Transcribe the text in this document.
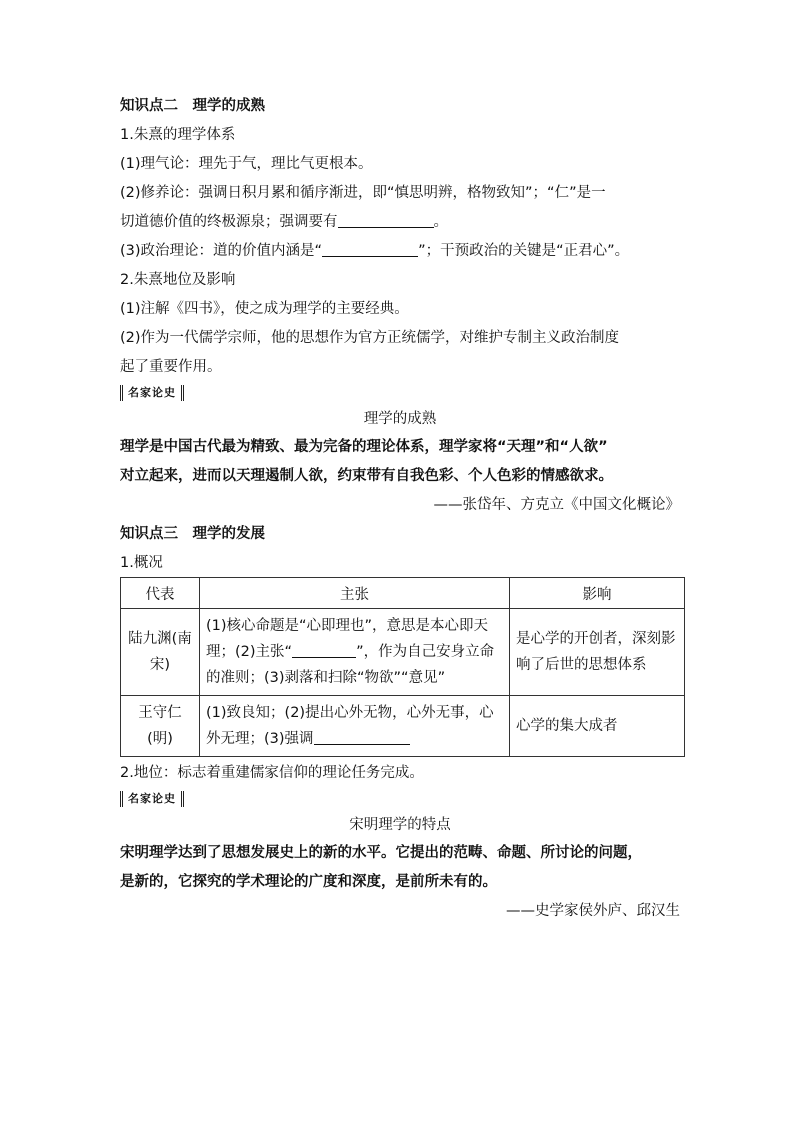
知识点二　理学的成熟

1.朱熹的理学体系

(1)理气论：理先于气，理比气更根本。

(2)修养论：强调日积月累和循序渐进，即“慎思明辨，格物致知”；“仁”是一

切道德价值的终极源泉；强调要有	。

(3)政治理论：道的价值内涵是“	”；干预政治的关键是“正君心”。

2.朱熹地位及影响

(1)注解《四书》，使之成为理学的主要经典。

(2)作为一代儒学宗师，他的思想作为官方正统儒学，对维护专制主义政治制度

起了重要作用。

名家论史

理学的成熟

理学是中国古代最为精致、最为完备的理论体系，理学家将“天理”和“人欲”

对立起来，进而以天理遏制人欲，约束带有自我色彩、个人色彩的情感欲求。

——张岱年、方克立《中国文化概论》

知识点三　理学的发展

1.概况

代表	主张	影响
陆九渊(南宋)	(1)核心命题是“心即理也”，意思是本心即天理；(2)主张“ ”，作为自己安身立命的准则；(3)剥落和扫除“物欲”“意见”	是心学的开创者，深刻影响了后世的思想体系
王守仁(明)	(1)致良知；(2)提出心外无物，心外无事，心外无理；(3)强调	心学的集大成者

2.地位：标志着重建儒家信仰的理论任务完成。

名家论史

宋明理学的特点

宋明理学达到了思想发展史上的新的水平。它提出的范畴、命题、所讨论的问题，

是新的，它探究的学术理论的广度和深度，是前所未有的。

——史学家侯外庐、邱汉生
